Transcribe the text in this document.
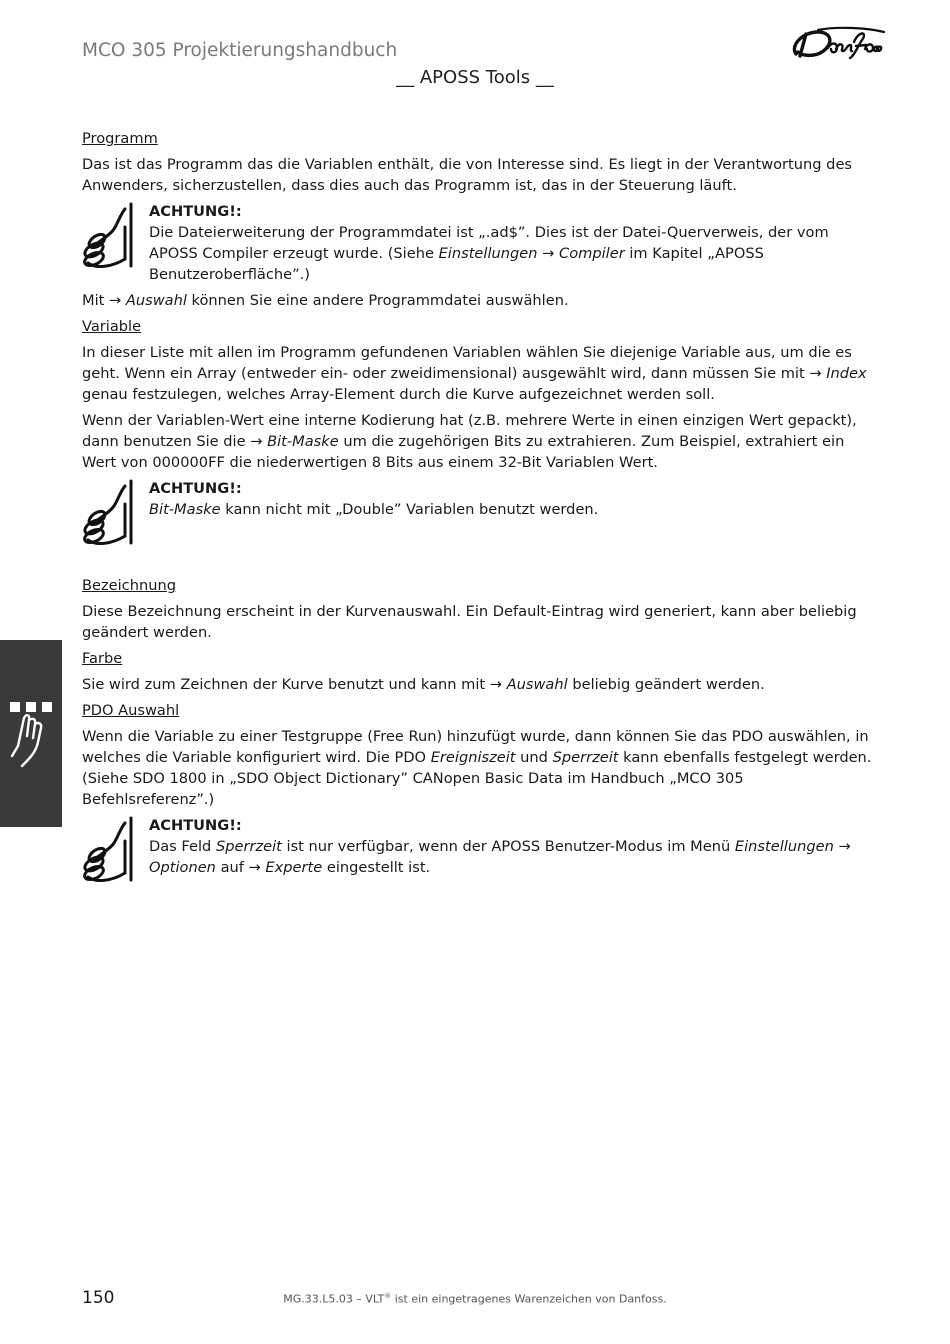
MCO 305 Projektierungshandbuch
__ APOSS Tools __
Programm

Das ist das Programm das die Variablen enthält, die von Interesse sind. Es liegt in der Verantwortung des Anwenders, sicherzustellen, dass dies auch das Programm ist, das in der Steuerung läuft.

ACHTUNG!:
Die Dateierweiterung der Programmdatei ist „.ad$”. Dies ist der Datei-Querverweis, der vom APOSS Compiler erzeugt wurde. (Siehe Einstellungen → Compiler im Kapitel „APOSS Benutzeroberfläche”.)

Mit → Auswahl können Sie eine andere Programmdatei auswählen.

Variable

In dieser Liste mit allen im Programm gefundenen Variablen wählen Sie diejenige Variable aus, um die es geht. Wenn ein Array (entweder ein- oder zweidimensional) ausgewählt wird, dann müssen Sie mit → Index genau festzulegen, welches Array-Element durch die Kurve aufgezeichnet werden soll.

Wenn der Variablen-Wert eine interne Kodierung hat (z.B. mehrere Werte in einen einzigen Wert gepackt), dann benutzen Sie die → Bit-Maske um die zugehörigen Bits zu extrahieren. Zum Beispiel, extrahiert ein Wert von 000000FF die niederwertigen 8 Bits aus einem 32-Bit Variablen Wert.

ACHTUNG!:
Bit-Maske kann nicht mit „Double” Variablen benutzt werden.
Bezeichnung

Diese Bezeichnung erscheint in der Kurvenauswahl. Ein Default-Eintrag wird generiert, kann aber beliebig geändert werden.

Farbe

Sie wird zum Zeichnen der Kurve benutzt und kann mit → Auswahl beliebig geändert werden.

PDO Auswahl

Wenn die Variable zu einer Testgruppe (Free Run) hinzufügt wurde, dann können Sie das PDO auswählen, in welches die Variable konfiguriert wird. Die PDO Ereigniszeit und Sperrzeit kann ebenfalls festgelegt werden. (Siehe SDO 1800 in „SDO Object Dictionary” CANopen Basic Data im Handbuch „MCO 305 Befehlsreferenz”.)

ACHTUNG!:
Das Feld Sperrzeit ist nur verfügbar, wenn der APOSS Benutzer-Modus im Menü Einstellungen → Optionen auf → Experte eingestellt ist.
150	MG.33.L5.03 – VLT® ist ein eingetragenes Warenzeichen von Danfoss.
